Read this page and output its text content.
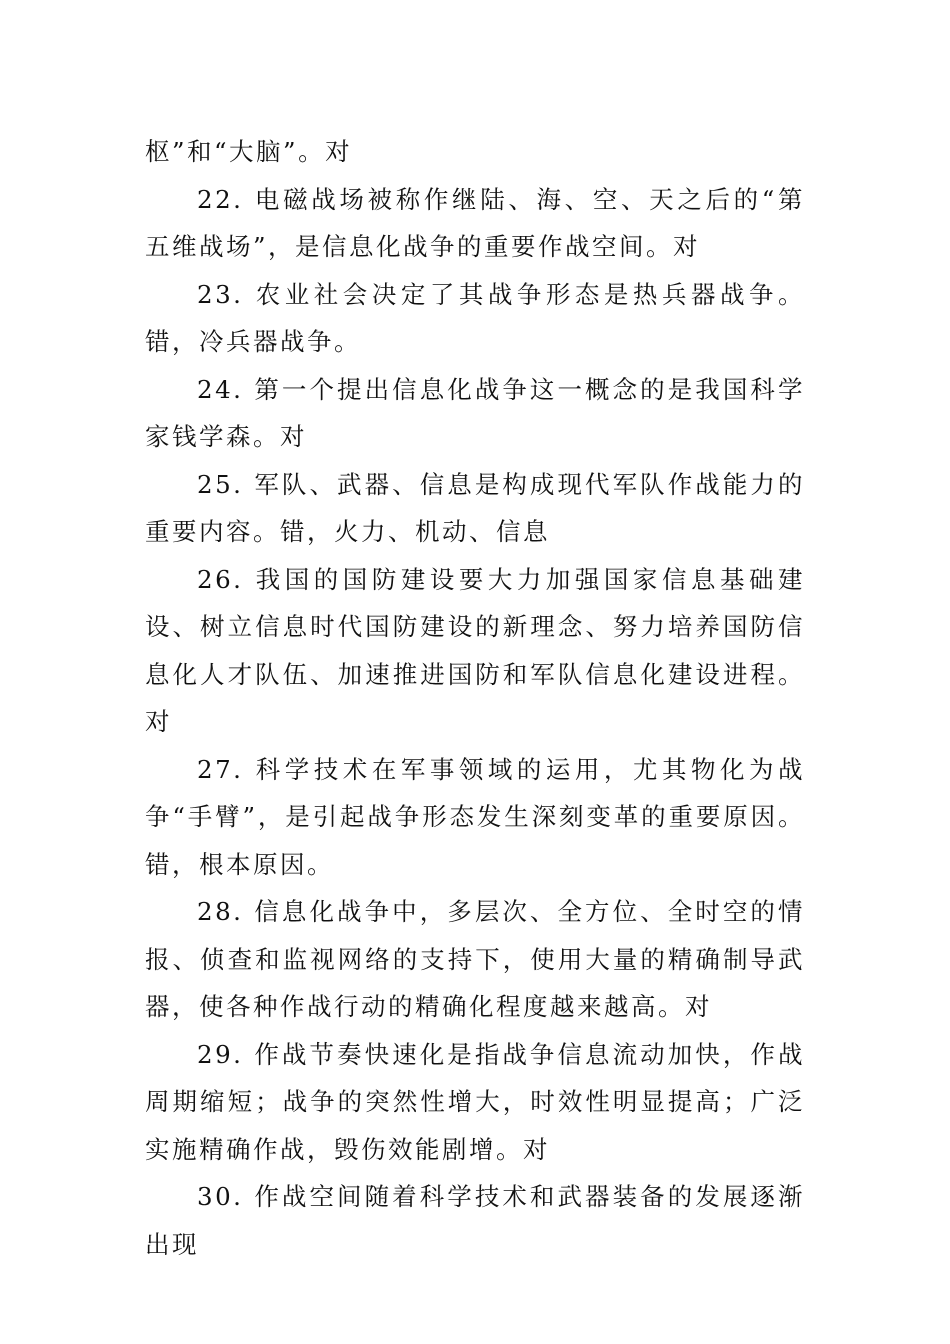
枢”和“大脑”。对

22. 电磁战场被称作继陆、海、空、天之后的“第五维战场”，是信息化战争的重要作战空间。对

23. 农业社会决定了其战争形态是热兵器战争。错，冷兵器战争。

24. 第一个提出信息化战争这一概念的是我国科学家钱学森。对

25. 军队、武器、信息是构成现代军队作战能力的重要内容。错，火力、机动、信息

26. 我国的国防建设要大力加强国家信息基础建设、树立信息时代国防建设的新理念、努力培养国防信息化人才队伍、加速推进国防和军队信息化建设进程。 对

27. 科学技术在军事领域的运用，尤其物化为战争“手臂”，是引起战争形态发生深刻变革的重要原因。错，根本原因。

28. 信息化战争中，多层次、全方位、全时空的情报、侦查和监视网络的支持下，使用大量的精确制导武器，使各种作战行动的精确化程度越来越高。对

29. 作战节奏快速化是指战争信息流动加快，作战周期缩短；战争的突然性增大，时效性明显提高；广泛实施精确作战，毁伤效能剧增。对

30. 作战空间随着科学技术和武器装备的发展逐渐出现
